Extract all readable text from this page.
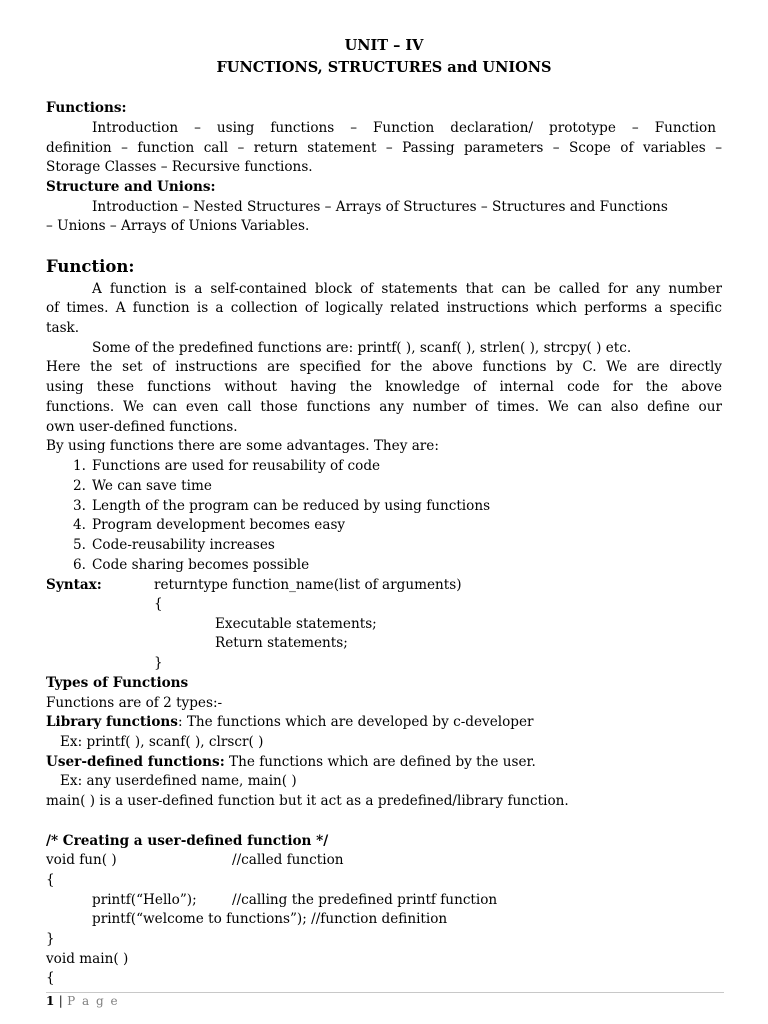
UNIT – IV
FUNCTIONS, STRUCTURES and UNIONS
Functions:
Introduction – using functions – Function declaration/ prototype – Function
definition – function call – return statement – Passing parameters – Scope of variables –
Storage Classes – Recursive functions.
Structure and Unions:
Introduction – Nested Structures – Arrays of Structures – Structures and Functions
– Unions – Arrays of Unions Variables.
Function:
A function is a self-contained block of statements that can be called for any number
of times. A function is a collection of logically related instructions which performs a specific
task.
Some of the predefined functions are: printf( ), scanf( ), strlen( ), strcpy( ) etc.
Here the set of instructions are specified for the above functions by C. We are directly
using these functions without having the knowledge of internal code for the above
functions. We can even call those functions any number of times. We can also define our
own user-defined functions.
By using functions there are some advantages. They are:
1. Functions are used for reusability of code
2. We can save time
3. Length of the program can be reduced by using functions
4. Program development becomes easy
5. Code-reusability increases
6. Code sharing becomes possible
Syntax:	returntype function_name(list of arguments)
{
Executable statements;
Return statements;
}
Types of Functions
Functions are of 2 types:-
Library functions: The functions which are developed by c-developer
Ex: printf( ), scanf( ), clrscr( )
User-defined functions: The functions which are defined by the user.
Ex: any userdefined name, main( )
main( ) is a user-defined function but it act as a predefined/library function.
/* Creating a user-defined function */
void fun( )	//called function
{
printf(“Hello”);	//calling the predefined printf function
printf(“welcome to functions”); //function definition
}
void main( )
{
1 | P a g e
